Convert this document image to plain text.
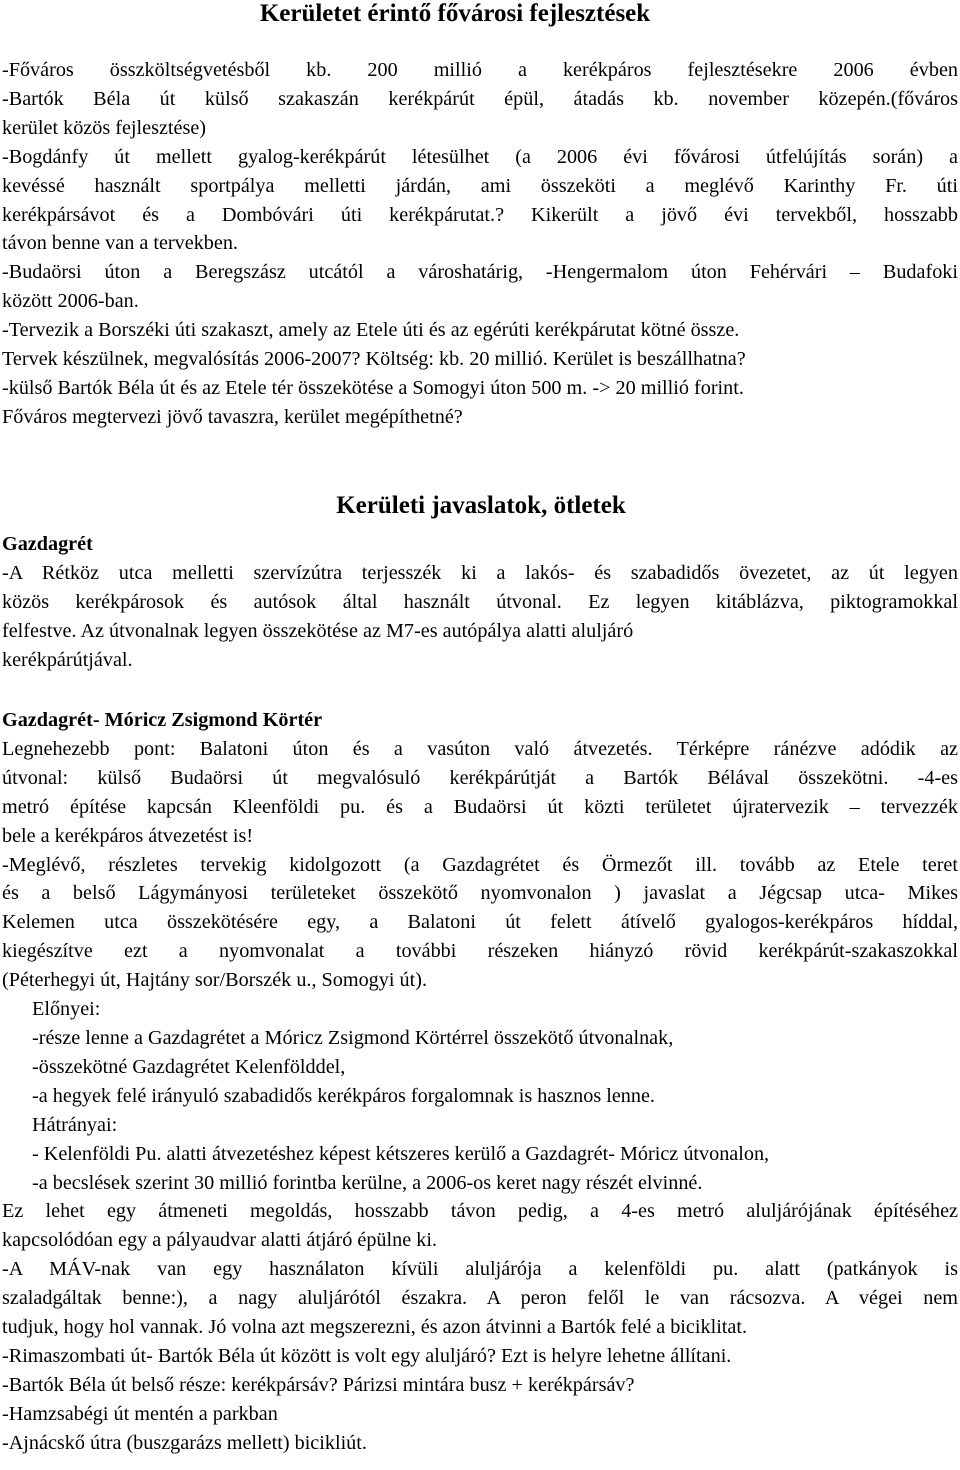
Kerületet érintő fővárosi fejlesztések

-Főváros összköltségvetésből kb. 200 millió a kerékpáros fejlesztésekre 2006 évben

-Bartók Béla út külső szakaszán kerékpárút épül, átadás kb. november közepén.(főváros

kerület közös fejlesztése)

-Bogdánfy út mellett gyalog-kerékpárút létesülhet (a 2006 évi fővárosi útfelújítás során) a

kevéssé használt sportpálya melletti járdán, ami összeköti a meglévő Karinthy Fr. úti

kerékpársávot és a Dombóvári úti kerékpárutat.? Kikerült a jövő évi tervekből, hosszabb

távon benne van a tervekben.

-Budaörsi úton a Beregszász utcától a városhatárig, -Hengermalom úton Fehérvári – Budafoki

között 2006-ban.

-Tervezik a Borszéki úti szakaszt, amely az Etele úti és az egérúti kerékpárutat kötné össze.

Tervek készülnek, megvalósítás 2006-2007? Költség: kb. 20 millió. Kerület is beszállhatna?

-külső Bartók Béla út és az Etele tér összekötése a Somogyi úton 500 m. -> 20 millió forint.

Főváros megtervezi jövő tavaszra, kerület megépíthetné?

Kerületi javaslatok, ötletek

Gazdagrét

-A Rétköz utca melletti szervízútra terjesszék ki a lakós- és szabadidős övezetet, az út legyen

közös kerékpárosok és autósok által használt útvonal. Ez legyen kitáblázva, piktogramokkal

felfestve. Az útvonalnak legyen összekötése az M7-es autópálya alatti aluljáró

kerékpárútjával.

Gazdagrét- Móricz Zsigmond Körtér

Legnehezebb pont: Balatoni úton és a vasúton való átvezetés. Térképre ránézve adódik az

útvonal: külső Budaörsi út megvalósuló kerékpárútját a Bartók Bélával összekötni. -4-es

metró építése kapcsán Kleenföldi pu. és a Budaörsi út közti területet újratervezik – tervezzék

bele a kerékpáros átvezetést is!

-Meglévő, részletes tervekig kidolgozott (a Gazdagrétet és Örmezőt ill. tovább az Etele teret

és a belső Lágymányosi területeket összekötő nyomvonalon ) javaslat a Jégcsap utca- Mikes

Kelemen utca összekötésére egy, a Balatoni út felett átívelő gyalogos-kerékpáros híddal,

kiegészítve ezt a nyomvonalat a további részeken hiányzó rövid kerékpárút-szakaszokkal

(Péterhegyi út, Hajtány sor/Borszék u., Somogyi út).

Előnyei:

-része lenne a Gazdagrétet a Móricz Zsigmond Körtérrel összekötő útvonalnak,

-összekötné Gazdagrétet Kelenfölddel,

-a hegyek felé irányuló szabadidős kerékpáros forgalomnak is hasznos lenne.

Hátrányai:

- Kelenföldi Pu. alatti átvezetéshez képest kétszeres kerülő a Gazdagrét- Móricz útvonalon,

-a becslések szerint 30 millió forintba kerülne, a 2006-os keret nagy részét elvinné.

Ez lehet egy átmeneti megoldás, hosszabb távon pedig, a 4-es metró aluljárójának építéséhez

kapcsolódóan egy a pályaudvar alatti átjáró épülne ki.

-A MÁV-nak van egy használaton kívüli aluljárója a kelenföldi pu. alatt (patkányok is

szaladgáltak benne:), a nagy aluljárótól északra. A peron felől le van rácsozva. A végei nem

tudjuk, hogy hol vannak. Jó volna azt megszerezni, és azon átvinni a Bartók felé a biciklitat.

-Rimaszombati út- Bartók Béla út között is volt egy aluljáró? Ezt is helyre lehetne állítani.

-Bartók Béla út belső része: kerékpársáv? Párizsi mintára busz + kerékpársáv?

-Hamzsabégi út mentén a parkban

-Ajnácskő útra (buszgarázs mellett) bicikliút.
